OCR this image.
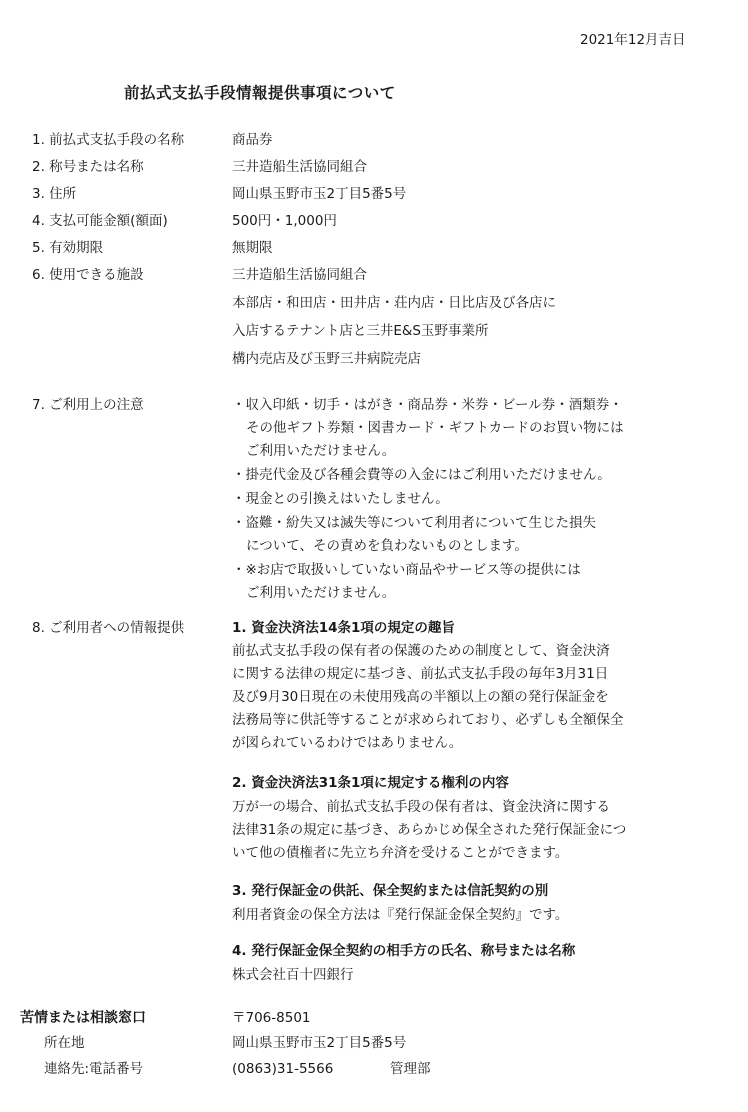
2021年12月吉日
前払式支払手段情報提供事項について
1. 前払式支払手段の名称	商品券
2. 称号または名称	三井造船生活協同組合
3. 住所	岡山県玉野市玉2丁目5番5号
4. 支払可能金額(額面)	500円・1,000円
5. 有効期限	無期限
6. 使用できる施設	三井造船生活協同組合
本部店・和田店・田井店・荘内店・日比店及び各店に
入店するテナント店と三井E&S玉野事業所
構内売店及び玉野三井病院売店
7. ご利用上の注意	・収入印紙・切手・はがき・商品券・米券・ビール券・酒類券・
その他ギフト券類・図書カード・ギフトカードのお買い物には
ご利用いただけません。
・掛売代金及び各種会費等の入金にはご利用いただけません。
・現金との引換えはいたしません。
・盗難・紛失又は滅失等について利用者について生じた損失
について、その責めを負わないものとします。
・※お店で取扱いしていない商品やサービス等の提供には
ご利用いただけません。
8. ご利用者への情報提供	1. 資金決済法14条1項の規定の趣旨
前払式支払手段の保有者の保護のための制度として、資金決済
に関する法律の規定に基づき、前払式支払手段の毎年3月31日
及び9月30日現在の未使用残高の半額以上の額の発行保証金を
法務局等に供託等することが求められており、必ずしも全額保全
が図られているわけではありません。
2. 資金決済法31条1項に規定する権利の内容
万が一の場合、前払式支払手段の保有者は、資金決済に関する
法律31条の規定に基づき、あらかじめ保全された発行保証金につ
いて他の債権者に先立ち弁済を受けることができます。
3. 発行保証金の供託、保全契約または信託契約の別
利用者資金の保全方法は『発行保証金保全契約』です。
4. 発行保証金保全契約の相手方の氏名、称号または名称
株式会社百十四銀行
苦情または相談窓口	〒706-8501
所在地	岡山県玉野市玉2丁目5番5号
連絡先:電話番号	(0863)31-5566	管理部
